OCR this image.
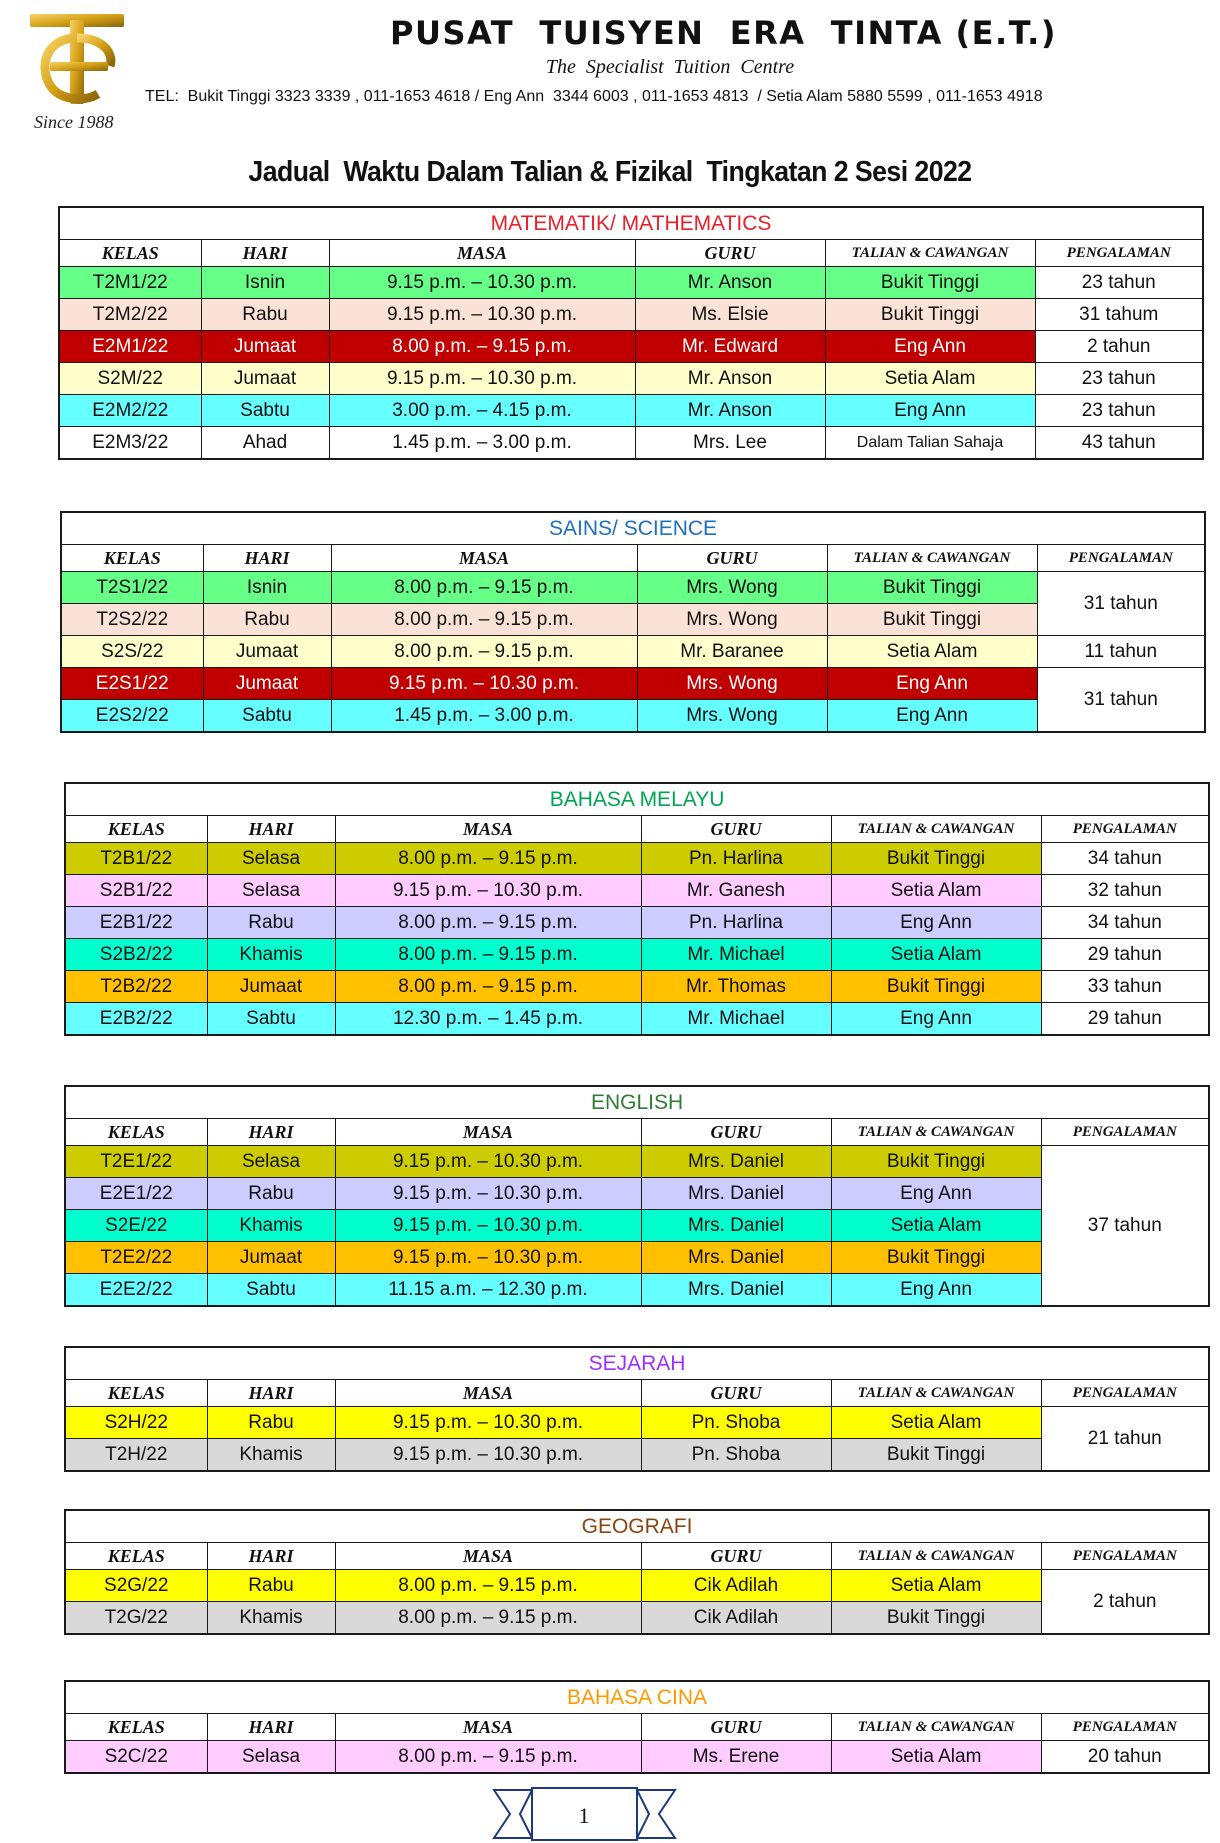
Since 1988
PUSAT  TUISYEN  ERA  TINTA (E.T.)
The  Specialist  Tuition  Centre
TEL:  Bukit Tinggi 3323 3339 , 011-1653 4618 / Eng Ann  3344 6003 , 011-1653 4813  / Setia Alam 5880 5599 , 011-1653 4918
Jadual  Waktu Dalam Talian & Fizikal  Tingkatan 2 Sesi 2022
MATEMATIK/ MATHEMATICS					
KELAS	HARI	MASA	GURU	TALIAN & CAWANGAN	PENGALAMAN
T2M1/22	Isnin	9.15 p.m. – 10.30 p.m.	Mr. Anson	Bukit Tinggi	23 tahun
T2M2/22	Rabu	9.15 p.m. – 10.30 p.m.	Ms. Elsie	Bukit Tinggi	31 tahum
E2M1/22	Jumaat	8.00 p.m. – 9.15 p.m.	Mr. Edward	Eng Ann	2 tahun
S2M/22	Jumaat	9.15 p.m. – 10.30 p.m.	Mr. Anson	Setia Alam	23 tahun
E2M2/22	Sabtu	3.00 p.m. – 4.15 p.m.	Mr. Anson	Eng Ann	23 tahun
E2M3/22	Ahad	1.45 p.m. – 3.00 p.m.	Mrs. Lee	Dalam Talian Sahaja	43 tahun
SAINS/ SCIENCE					
KELAS	HARI	MASA	GURU	TALIAN & CAWANGAN	PENGALAMAN
T2S1/22	Isnin	8.00 p.m. – 9.15 p.m.	Mrs. Wong	Bukit Tinggi	31 tahun
T2S2/22	Rabu	8.00 p.m. – 9.15 p.m.	Mrs. Wong	Bukit Tinggi	
S2S/22	Jumaat	8.00 p.m. – 9.15 p.m.	Mr. Baranee	Setia Alam	11 tahun
E2S1/22	Jumaat	9.15 p.m. – 10.30 p.m.	Mrs. Wong	Eng Ann	31 tahun
E2S2/22	Sabtu	1.45 p.m. – 3.00 p.m.	Mrs. Wong	Eng Ann	
BAHASA MELAYU					
KELAS	HARI	MASA	GURU	TALIAN & CAWANGAN	PENGALAMAN
T2B1/22	Selasa	8.00 p.m. – 9.15 p.m.	Pn. Harlina	Bukit Tinggi	34 tahun
S2B1/22	Selasa	9.15 p.m. – 10.30 p.m.	Mr. Ganesh	Setia Alam	32 tahun
E2B1/22	Rabu	8.00 p.m. – 9.15 p.m.	Pn. Harlina	Eng Ann	34 tahun
S2B2/22	Khamis	8.00 p.m. – 9.15 p.m.	Mr. Michael	Setia Alam	29 tahun
T2B2/22	Jumaat	8.00 p.m. – 9.15 p.m.	Mr. Thomas	Bukit Tinggi	33 tahun
E2B2/22	Sabtu	12.30 p.m. – 1.45 p.m.	Mr. Michael	Eng Ann	29 tahun
ENGLISH					
KELAS	HARI	MASA	GURU	TALIAN & CAWANGAN	PENGALAMAN
T2E1/22	Selasa	9.15 p.m. – 10.30 p.m.	Mrs. Daniel	Bukit Tinggi	37 tahun
E2E1/22	Rabu	9.15 p.m. – 10.30 p.m.	Mrs. Daniel	Eng Ann	
S2E/22	Khamis	9.15 p.m. – 10.30 p.m.	Mrs. Daniel	Setia Alam	
T2E2/22	Jumaat	9.15 p.m. – 10.30 p.m.	Mrs. Daniel	Bukit Tinggi	
E2E2/22	Sabtu	11.15 a.m. – 12.30 p.m.	Mrs. Daniel	Eng Ann	
SEJARAH					
KELAS	HARI	MASA	GURU	TALIAN & CAWANGAN	PENGALAMAN
S2H/22	Rabu	9.15 p.m. – 10.30 p.m.	Pn. Shoba	Setia Alam	21 tahun
T2H/22	Khamis	9.15 p.m. – 10.30 p.m.	Pn. Shoba	Bukit Tinggi	
GEOGRAFI					
KELAS	HARI	MASA	GURU	TALIAN & CAWANGAN	PENGALAMAN
S2G/22	Rabu	8.00 p.m. – 9.15 p.m.	Cik Adilah	Setia Alam	2 tahun
T2G/22	Khamis	8.00 p.m. – 9.15 p.m.	Cik Adilah	Bukit Tinggi	
BAHASA CINA					
KELAS	HARI	MASA	GURU	TALIAN & CAWANGAN	PENGALAMAN
S2C/22	Selasa	8.00 p.m. – 9.15 p.m.	Ms. Erene	Setia Alam	20 tahun
1
